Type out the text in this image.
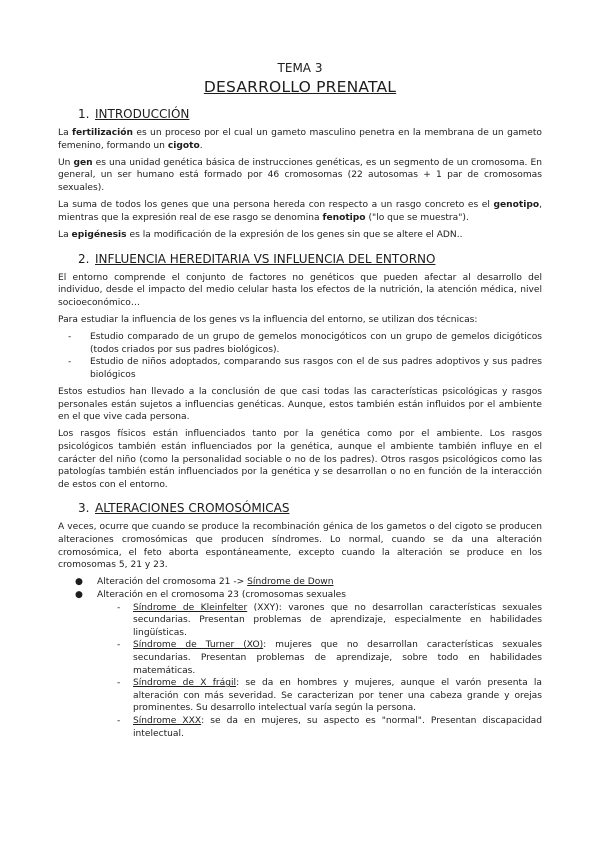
TEMA 3

DESARROLLO PRENATAL

1. INTRODUCCIÓN

La fertilización es un proceso por el cual un gameto masculino penetra en la membrana de un gameto femenino, formando un cigoto.

Un gen es una unidad genética básica de instrucciones genéticas, es un segmento de un cromosoma. En general, un ser humano está formado por 46 cromosomas (22 autosomas + 1 par de cromosomas sexuales).

La suma de todos los genes que una persona hereda con respecto a un rasgo concreto es el genotipo, mientras que la expresión real de ese rasgo se denomina fenotipo ("lo que se muestra").

La epigénesis es la modificación de la expresión de los genes sin que se altere el ADN..

2. INFLUENCIA HEREDITARIA VS INFLUENCIA DEL ENTORNO

El entorno comprende el conjunto de factores no genéticos que pueden afectar al desarrollo del individuo, desde el impacto del medio celular hasta los efectos de la nutrición, la atención médica, nivel socioeconómico…

Para estudiar la influencia de los genes vs la influencia del entorno, se utilizan dos técnicas:

- Estudio comparado de un grupo de gemelos monocigóticos con un grupo de gemelos dicigóticos (todos criados por sus padres biológicos).
- Estudio de niños adoptados, comparando sus rasgos con el de sus padres adoptivos y sus padres biológicos

Estos estudios han llevado a la conclusión de que casi todas las características psicológicas y rasgos personales están sujetos a influencias genéticas. Aunque, estos también están influidos por el ambiente en el que vive cada persona.

Los rasgos físicos están influenciados tanto por la genética como por el ambiente. Los rasgos psicológicos también están influenciados por la genética, aunque el ambiente también influye en el carácter del niño (como la personalidad sociable o no de los padres). Otros rasgos psicológicos como las patologías también están influenciados por la genética y se desarrollan o no en función de la interacción de estos con el entorno.

3. ALTERACIONES CROMOSÓMICAS

A veces, ocurre que cuando se produce la recombinación génica de los gametos o del cigoto se producen alteraciones cromosómicas que producen síndromes. Lo normal, cuando se da una alteración cromosómica, el feto aborta espontáneamente, excepto cuando la alteración se produce en los cromosomas 5, 21 y 23.

● Alteración del cromosoma 21 -> Síndrome de Down
● Alteración en el cromosoma 23 (cromosomas sexuales
- Síndrome de Kleinfelter (XXY): varones que no desarrollan características sexuales secundarias. Presentan problemas de aprendizaje, especialmente en habilidades lingüísticas.
- Síndrome de Turner (XO): mujeres que no desarrollan características sexuales secundarias. Presentan problemas de aprendizaje, sobre todo en habilidades matemáticas.
- Síndrome de X frágil: se da en hombres y mujeres, aunque el varón presenta la alteración con más severidad. Se caracterizan por tener una cabeza grande y orejas prominentes. Su desarrollo intelectual varía según la persona.
- Síndrome XXX: se da en mujeres, su aspecto es "normal". Presentan discapacidad intelectual.
